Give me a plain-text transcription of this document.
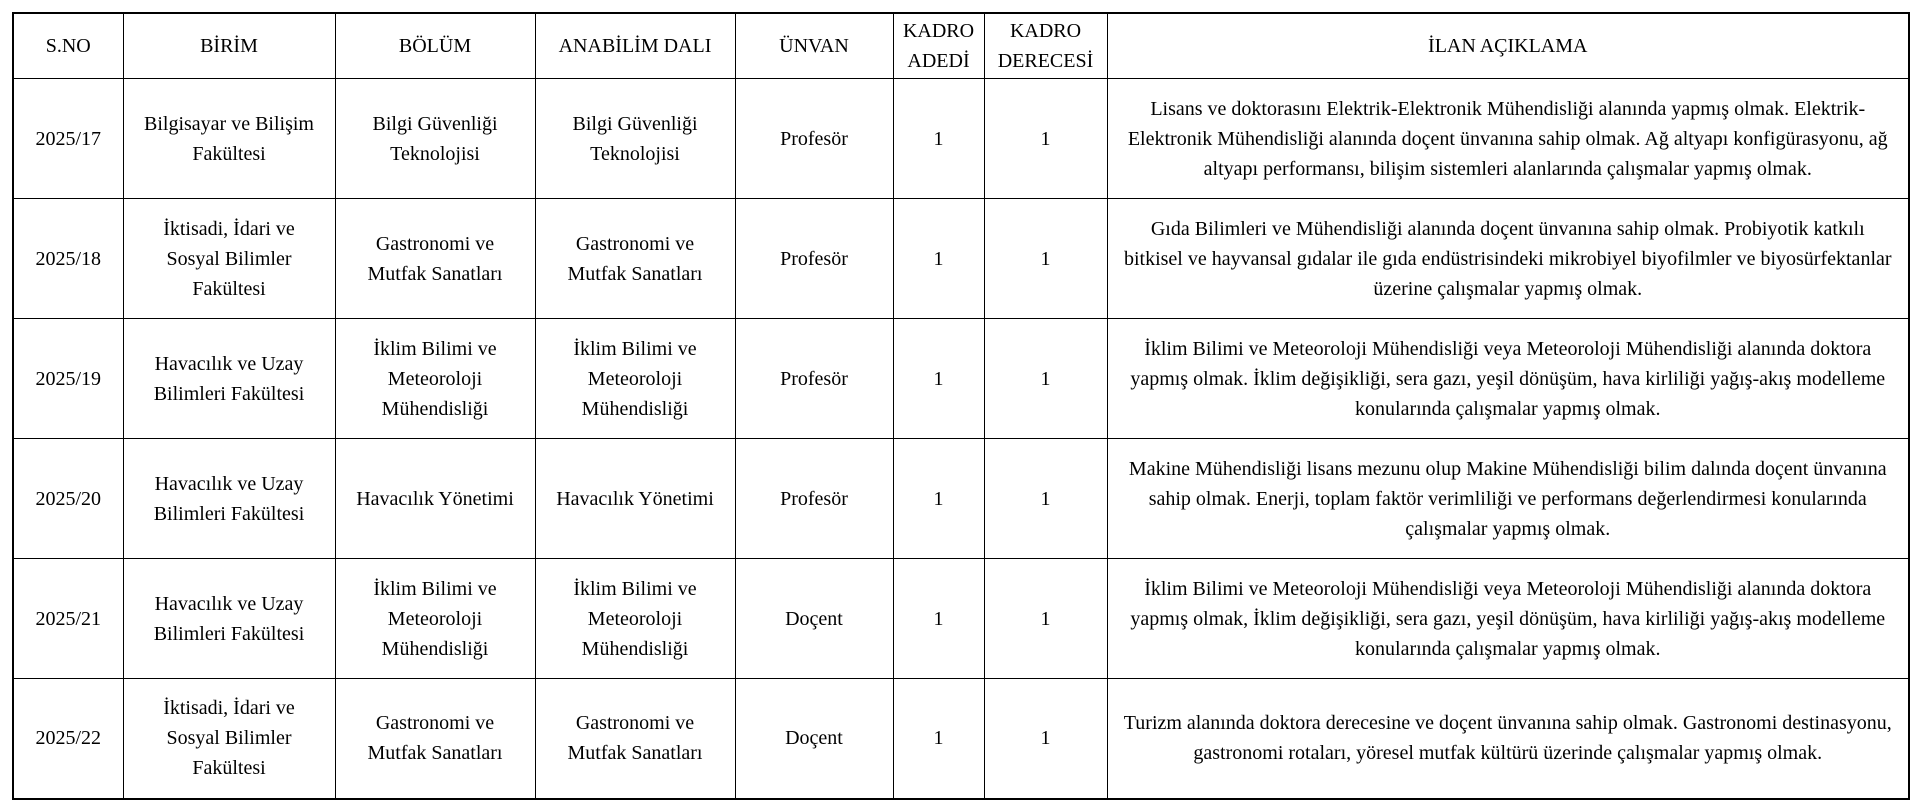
S.NO	BİRİM	BÖLÜM	ANABİLİM DALI	ÜNVAN	KADRO ADEDİ	KADRO DERECESİ	İLAN AÇIKLAMA
2025/17	Bilgisayar ve Bilişim Fakültesi	Bilgi Güvenliği Teknolojisi	Bilgi Güvenliği Teknolojisi	Profesör	1	1	Lisans ve doktorasını Elektrik-Elektronik Mühendisliği alanında yapmış olmak. Elektrik-Elektronik Mühendisliği alanında doçent ünvanına sahip olmak. Ağ altyapı konfigürasyonu, ağ altyapı performansı, bilişim sistemleri alanlarında çalışmalar yapmış olmak.
2025/18	İktisadi, İdari ve Sosyal Bilimler Fakültesi	Gastronomi ve Mutfak Sanatları	Gastronomi ve Mutfak Sanatları	Profesör	1	1	Gıda Bilimleri ve Mühendisliği alanında doçent ünvanına sahip olmak. Probiyotik katkılı bitkisel ve hayvansal gıdalar ile gıda endüstrisindeki mikrobiyel biyofilmler ve biyosürfektanlar üzerine çalışmalar yapmış olmak.
2025/19	Havacılık ve Uzay Bilimleri Fakültesi	İklim Bilimi ve Meteoroloji Mühendisliği	İklim Bilimi ve Meteoroloji Mühendisliği	Profesör	1	1	İklim Bilimi ve Meteoroloji Mühendisliği veya Meteoroloji Mühendisliği alanında doktora yapmış olmak. İklim değişikliği, sera gazı, yeşil dönüşüm, hava kirliliği yağış-akış modelleme konularında çalışmalar yapmış olmak.
2025/20	Havacılık ve Uzay Bilimleri Fakültesi	Havacılık Yönetimi	Havacılık Yönetimi	Profesör	1	1	Makine Mühendisliği lisans mezunu olup Makine Mühendisliği bilim dalında doçent ünvanına sahip olmak. Enerji, toplam faktör verimliliği ve performans değerlendirmesi konularında çalışmalar yapmış olmak.
2025/21	Havacılık ve Uzay Bilimleri Fakültesi	İklim Bilimi ve Meteoroloji Mühendisliği	İklim Bilimi ve Meteoroloji Mühendisliği	Doçent	1	1	İklim Bilimi ve Meteoroloji Mühendisliği veya Meteoroloji Mühendisliği alanında doktora yapmış olmak, İklim değişikliği, sera gazı, yeşil dönüşüm, hava kirliliği yağış-akış modelleme konularında çalışmalar yapmış olmak.
2025/22	İktisadi, İdari ve Sosyal Bilimler Fakültesi	Gastronomi ve Mutfak Sanatları	Gastronomi ve Mutfak Sanatları	Doçent	1	1	Turizm alanında doktora derecesine ve doçent ünvanına sahip olmak. Gastronomi destinasyonu, gastronomi rotaları, yöresel mutfak kültürü üzerinde çalışmalar yapmış olmak.
